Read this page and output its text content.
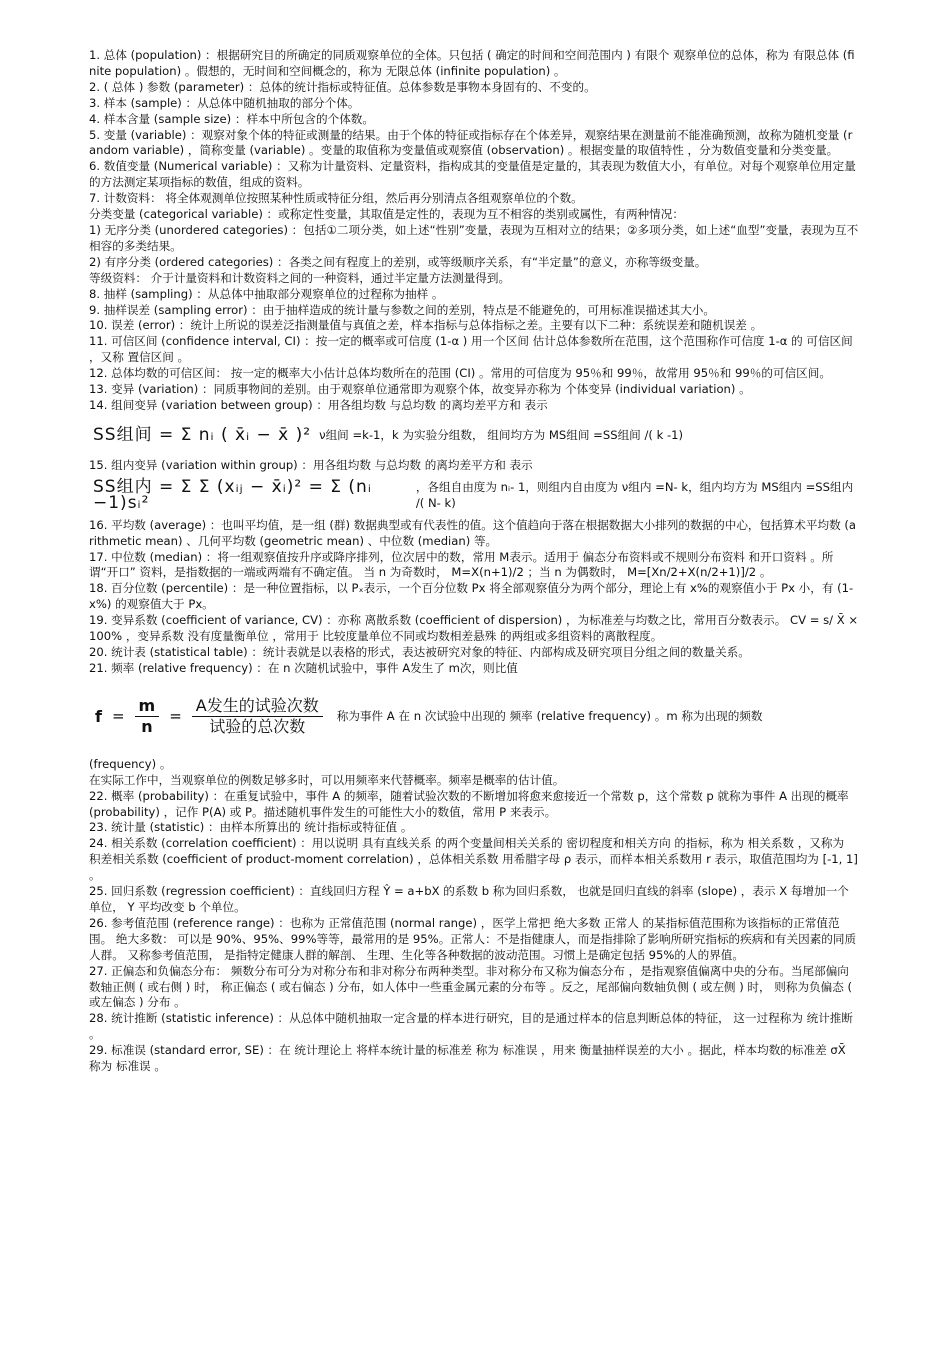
1. 总体 (population) ：根据研究目的所确定的同质观察单位的全体。只包括 ( 确定的时间和空间范围内 ) 有限个 观察单位的总体，称为 有限总体 (finite population) 。假想的，无时间和空间概念的，称为 无限总体 (infinite population) 。

2. ( 总体 ) 参数 (parameter) ：总体的统计指标或特征值。总体参数是事物本身固有的、不变的。

3. 样本 (sample) ：从总体中随机抽取的部分个体。

4. 样本含量 (sample size) ：样本中所包含的个体数。

5. 变量 (variable) ：观察对象个体的特征或测量的结果。由于个体的特征或指标存在个体差异，观察结果在测量前不能准确预测，故称为随机变量 (random variable) ，简称变量 (variable) 。变量的取值称为变量值或观察值 (observation) 。根据变量的取值特性 ，分为数值变量和分类变量。

6. 数值变量 (Numerical variable) ：又称为计量资料、定量资料，指构成其的变量值是定量的，其表现为数值大小，有单位。对每个观察单位用定量的方法测定某项指标的数值，组成的资料。

7. 计数资料： 将全体观测单位按照某种性质或特征分组，然后再分别清点各组观察单位的个数。

分类变量 (categorical variable) ：或称定性变量，其取值是定性的，表现为互不相容的类别或属性，有两种情况：

1) 无序分类 (unordered categories) ：包括①二项分类，如上述“性别”变量，表现为互相对立的结果；②多项分类，如上述“血型”变量，表现为互不相容的多类结果。

2) 有序分类 (ordered categories) ：各类之间有程度上的差别，或等级顺序关系，有“半定量”的意义，亦称等级变量。

等级资料： 介于计量资料和计数资料之间的一种资料，通过半定量方法测量得到。

8. 抽样 (sampling) ：从总体中抽取部分观察单位的过程称为抽样 。

9. 抽样误差 (sampling error) ：由于抽样造成的统计量与参数之间的差别，特点是不能避免的，可用标准误描述其大小。

10. 误差 (error) ：统计上所说的误差泛指测量值与真值之差，样本指标与总体指标之差。主要有以下二种：系统误差和随机误差 。

11. 可信区间 (confidence interval, CI) ：按一定的概率或可信度 (1-α ) 用一个区间 估计总体参数所在范围，这个范围称作可信度 1-α 的 可信区间 ，又称 置信区间 。

12. 总体均数的可信区间： 按一定的概率大小估计总体均数所在的范围 (CI) 。常用的可信度为 95％和 99％，故常用 95％和 99％的可信区间。

13. 变异 (variation) ：同质事物间的差别。由于观察单位通常即为观察个体，故变异亦称为 个体变异 (individual variation) 。

14. 组间变异 (variation between group) ：用各组均数 与总均数 的离均差平方和 表示

SS组间 = Σ nᵢ ( x̄ᵢ − x̄ )² ν组间 =k-1，k 为实验分组数， 组间均方为 MS组间 =SS组间 /( k -1)

15. 组内变异 (variation within group) ：用各组均数 与总均数 的离均差平方和 表示

SS组内 = Σ Σ (xᵢⱼ − x̄ᵢ)² = Σ (nᵢ −1)sᵢ²
，各组自由度为 nᵢ- 1，则组内自由度为 ν组内 =N- k，组内均方为 MS组内 =SS组内 /( N- k)

16. 平均数 (average) ：也叫平均值，是一组 (群) 数据典型或有代表性的值。这个值趋向于落在根据数据大小排列的数据的中心，包括算术平均数 (arithmetic mean) 、几何平均数 (geometric mean) 、中位数 (median) 等。

17. 中位数 (median) ：将一组观察值按升序或降序排列，位次居中的数，常用 M表示。适用于 偏态分布资料或不规则分布资料 和开口资料 。所谓“开口” 资料，是指数据的一端或两端有不确定值。 当 n 为奇数时， M=X(n+1)/2 ；当 n 为偶数时， M=[Xn/2+X(n/2+1)]/2 。

18. 百分位数 (percentile) ：是一种位置指标，以 Pₓ表示，一个百分位数 Px 将全部观察值分为两个部分，理论上有 x%的观察值小于 Px 小，有 (1-x%) 的观察值大于 Px。

19. 变异系数 (coefficient of variance, CV) ：亦称 离散系数 (coefficient of dispersion) ，为标准差与均数之比，常用百分数表示。 CV = s/ X̄ ×100% ，变异系数 没有度量衡单位 ，常用于 比较度量单位不同或均数相差悬殊 的两组或多组资料的离散程度。

20. 统计表 (statistical table) ：统计表就是以表格的形式，表达被研究对象的特征、内部构成及研究项目分组之间的数量关系。

21. 频率 (relative frequency) ：在 n 次随机试验中，事件 A发生了 m次，则比值

$f = \frac{m}{n} = \frac{\text{A发生的试验次数}}{\text{试验的总次数}}$ 称为事件 A 在 n 次试验中出现的 频率 (relative frequency) 。m 称为出现的频数

(frequency) 。

在实际工作中，当观察单位的例数足够多时，可以用频率来代替概率。频率是概率的估计值。

22. 概率 (probability) ：在重复试验中，事件 A 的频率，随着试验次数的不断增加将愈来愈接近一个常数 p，这个常数 p 就称为事件 A 出现的概率 (probability) ，记作 P(A) 或 P。描述随机事件发生的可能性大小的数值，常用 P 来表示。

23. 统计量 (statistic) ：由样本所算出的 统计指标或特征值 。

24. 相关系数 (correlation coefficient) ：用以说明 具有直线关系 的两个变量间相关关系的 密切程度和相关方向 的指标，称为 相关系数 ，又称为 积差相关系数 (coefficient of product-moment correlation) ，总体相关系数 用希腊字母 ρ 表示，而样本相关系数用 r 表示，取值范围均为 [-1, 1] 。

25. 回归系数 (regression coefficient) ：直线回归方程 Ŷ = a+bX 的系数 b 称为回归系数， 也就是回归直线的斜率 (slope) ，表示 X 每增加一个单位， Y 平均改变 b 个单位。

26. 参考值范围 (reference range) ：也称为 正常值范围 (normal range) ，医学上常把 绝大多数 正常人 的某指标值范围称为该指标的正常值范围。 绝大多数： 可以是 90%、95%、99%等等，最常用的是 95%。正常人：不是指健康人，而是指排除了影响所研究指标的疾病和有关因素的同质人群。 又称参考值范围， 是指特定健康人群的解剖、 生理、生化等各种数据的波动范围。习惯上是确定包括 95%的人的界值。

27. 正偏态和负偏态分布： 频数分布可分为对称分布和非对称分布两种类型。非对称分布又称为偏态分布 ，是指观察值偏离中央的分布。当尾部偏向数轴正侧 ( 或右侧 ) 时， 称正偏态 ( 或右偏态 ) 分布，如人体中一些重金属元素的分布等 。反之，尾部偏向数轴负侧 ( 或左侧 ) 时， 则称为负偏态 ( 或左偏态 ) 分布 。

28. 统计推断 (statistic inference) ：从总体中随机抽取一定含量的样本进行研究，目的是通过样本的信息判断总体的特征， 这一过程称为 统计推断 。

29. 标准误 (standard error, SE) ：在 统计理论上 将样本统计量的标准差 称为 标准误 ，用来 衡量抽样误差的大小 。据此，样本均数的标准差 σX̄ 称为 标准误 。
